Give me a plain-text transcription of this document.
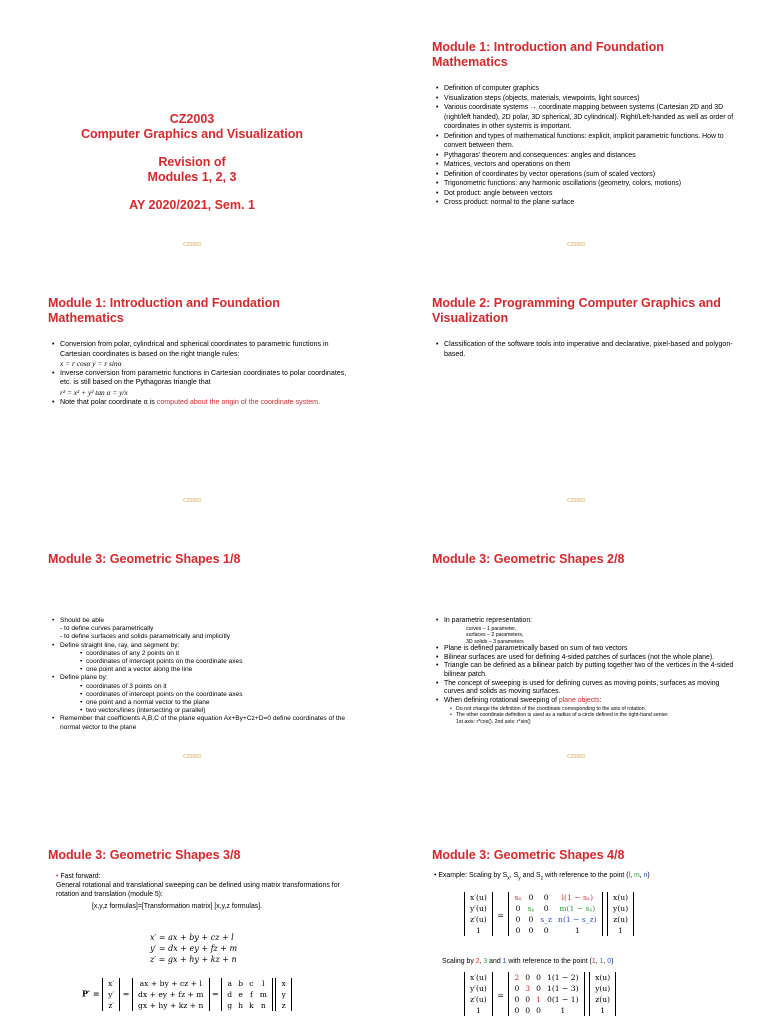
CZ2003
Computer Graphics and Visualization
Revision of
Modules 1, 2, 3
AY 2020/2021, Sem. 1
CZ2003
Module 1: Introduction and Foundation Mathematics
• Definition of computer graphics
• Visualization steps (objects, materials, viewpoints, light sources)
• Various coordinate systems → coordinate mapping between systems (Cartesian 2D and 3D (right/left handed), 2D polar, 3D spherical, 3D cylindrical). Right/Left-handed as well as order of coordinates in other systems is important.
• Definition and types of mathematical functions: explicit, implicit parametric functions. How to convert between them.
• Pythagoras' theorem and consequences: angles and distances
• Matrices, vectors and operations on them
• Definition of coordinates by vector operations (sum of scaled vectors)
• Trigonometric functions: any harmonic oscillations (geometry, colors, motions)
• Dot product: angle between vectors
• Cross product: normal to the plane surface
CZ2003
Module 1: Introduction and Foundation Mathematics
• Conversion from polar, cylindrical and spherical coordinates to parametric functions in Cartesian coordinates is based on the right triangle rules:
x = r cosα y = r sinα
• Inverse conversion from parametric functions in Cartesian coordinates to polar coordinates, etc. is still based on the Pythagoras triangle that
r² = x² + y² tan α = y/x
• Note that polar coordinate α is computed about the origin of the coordinate system.
CZ2003
Module 2: Programming Computer Graphics and Visualization
• Classification of the software tools into imperative and declarative, pixel-based and polygon-based.
CZ2003
Module 3: Geometric Shapes 1/8
• Should be able
- to define curves parametrically
- to define surfaces and solids parametrically and implicitly
• Define straight line, ray, and segment by:
• coordinates of any 2 points on it
• coordinates of intercept points on the coordinate axes
• one point and a vector along the line
• Define plane by:
• coordinates of 3 points on it
• coordinates of intercept points on the coordinate axes
• one point and a normal vector to the plane
• two vectors/lines (intersecting or parallel)
• Remember that coefficients A,B,C of the plane equation Ax+By+Cz+D=0 define coordinates of the normal vector to the plane
CZ2003
Module 3: Geometric Shapes 2/8
• In parametric representation:
curves – 1 parameter,
surfaces – 2 parameters,
3D solids – 3 parameters
• Plane is defined parametrically based on sum of two vectors
• Bilinear surfaces are used for defining 4-sided patches of surfaces (not the whole plane).
• Triangle can be defined as a bilinear patch by putting together two of the vertices in the 4-sided bilinear patch.
• The concept of sweeping is used for defining curves as moving points, surfaces as moving curves and solids as moving surfaces.
• When defining rotational sweeping of plane objects:
• Do not change the definition of the coordinate corresponding to the axis of rotation.
• The other coordinate definition is used as a radius of a circle defined in the right-hand sense:
1st axis: r*cos(), 2nd axis: r*sin()
CZ2003
Module 3: Geometric Shapes 3/8
• Fast forward:
General rotational and translational sweeping can be defined using matrix transformations for rotation and translation (module 5):
[x,y,z formulas]=[Transformation matrix] [x,y,z formulas].
x′ = ax + by + cz + l
y′ = dx + ey + fz + m
z′ = gx + hy + kz + n
P′ =
x′
y′
z′
=
ax + by + cz + l
dx + ey + fz + m
gx + hy + kz + n
=
a	b	c	l
d	e	f	m
g	h	k	n

x
y
z
Module 3: Geometric Shapes 4/8
• Example: Scaling by $S_x$, $S_y$ and $S_z$ with reference to the point (l, m, n)
x′(u)
y′(u)
z′(u)
1
=
sₓ	0	0	l(1 − sₓ)
0	sᵧ	0	m(1 − sᵧ)
0	0	s_z	n(1 − s_z)
0	0	0	1

x(u)
y(u)
z(u)
1
Scaling by 2, 3 and 1 with reference to the point (1, 1, 0)
x′(u)
y′(u)
z′(u)
1
=
2	0	0	1(1 − 2)
0	3	0	1(1 − 3)
0	0	1	0(1 − 1)
0	0	0	1

x(u)
y(u)
z(u)
1
